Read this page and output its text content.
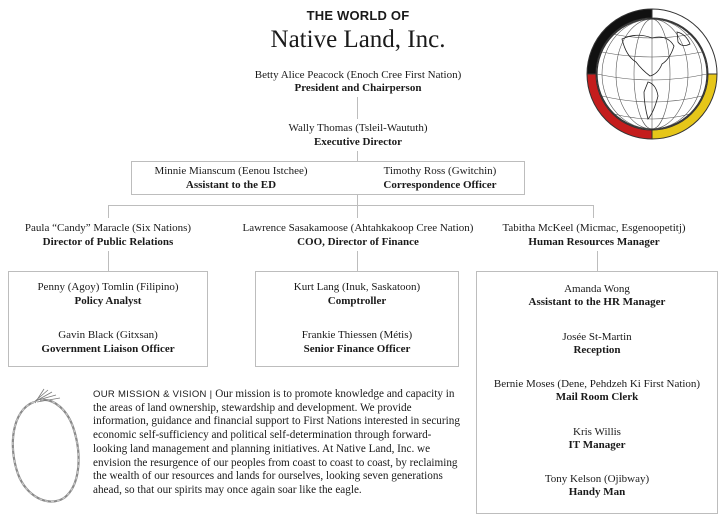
THE WORLD OF
Native Land, Inc.
Betty Alice Peacock (Enoch Cree First Nation)
President and Chairperson
Wally Thomas (Tsleil-Waututh)
Executive Director
Minnie Mianscum (Eenou Istchee)
Assistant to the ED
Timothy Ross (Gwitchin)
Correspondence Officer
Paula “Candy” Maracle (Six Nations)
Director of Public Relations
Lawrence Sasakamoose (Ahtahkakoop Cree Nation)
COO, Director of Finance
Tabitha McKeel (Micmac, Esgenoopetitj)
Human Resources Manager
Penny (Agoy) Tomlin (Filipino)
Policy Analyst
Gavin Black (Gitxsan)
Government Liaison Officer
Kurt Lang (Inuk, Saskatoon)
Comptroller
Frankie Thiessen (Métis)
Senior Finance Officer
Amanda Wong
Assistant to the HR Manager
Josée St-Martin
Reception
Bernie Moses (Dene, Pehdzeh Ki First Nation)
Mail Room Clerk
Kris Willis
IT Manager
Tony Kelson (Ojibway)
Handy Man
OUR MISSION & VISION | Our mission is to promote knowledge and capacity in the areas of land ownership, stewardship and development. We provide information, guidance and financial support to First Nations interested in securing economic self-sufficiency and political self-determination through forward-looking land management and planning initiatives. At Native Land, Inc. we envision the resurgence of our peoples from coast to coast to coast, by reclaiming the wealth of our resources and lands for ourselves, looking seven generations ahead, so that our spirits may once again soar like the eagle.
